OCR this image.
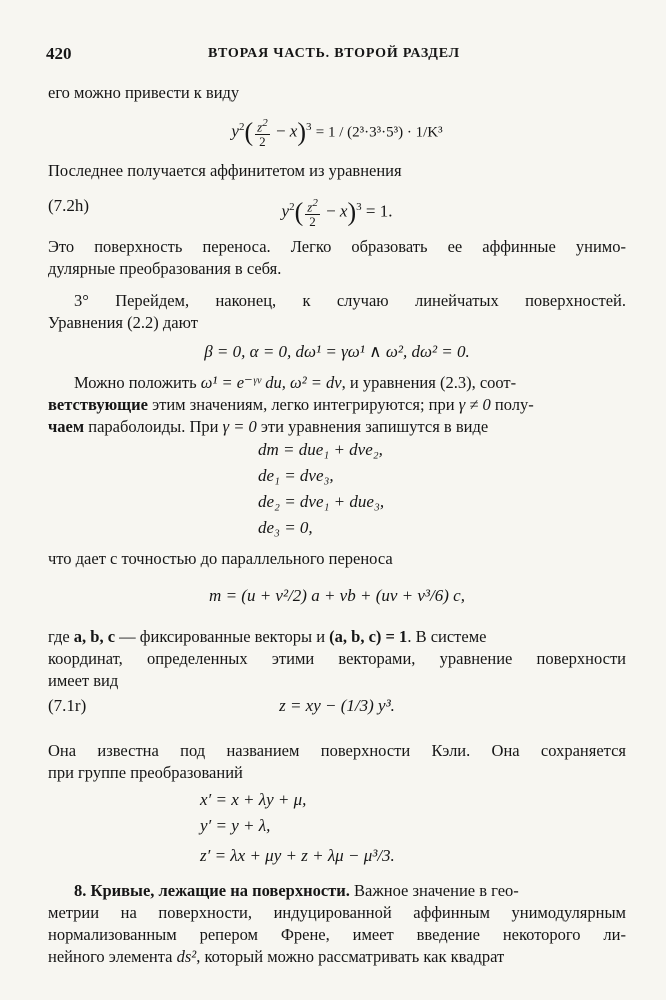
420	ВТОРАЯ ЧАСТЬ. ВТОРОЙ РАЗДЕЛ
его можно привести к виду
$y^2( \frac{z^2}{2} - x)^3 = 1 / (2^3\cdot 3^3\cdot 5^3) \cdot 1/K^3$
Последнее получается аффинитетом из уравнения
(7.2h)	$y^2( \frac{z^2}{2} - x)^3 = 1$.
Это поверхность переноса. Легко образовать ее аффинные унимо-
дулярные преобразования в себя.
3° Перейдем, наконец, к случаю линейчатых поверхностей.
Уравнения (2.2) дают
β = 0, α = 0, dω¹ = γω¹ ∧ ω², dω² = 0.
Можно положить ω¹ = e⁻ᵞᵛ du, ω² = dv, и уравнения (2.3), соот-
ветствующие этим значениям, легко интегрируются; при γ ≠ 0 полу-
чаем параболоиды. При γ = 0 эти уравнения запишутся в виде
dm = due₁ + dve₂,
de₁ = dve₃,
de₂ = dve₁ + due₃,
de₃ = 0,
что дает с точностью до параллельного переноса
m = (u + v²/2) a + vb + (uv + v³/6) c,
где a, b, c — фиксированные векторы и (a, b, c) = 1. В системе
координат, определенных этими векторами, уравнение поверхности
имеет вид
(7.1r)	z = xy − (1/3) y³.
Она известна под названием поверхности Кэли. Она сохраняется
при группе преобразований
x′ = x + λy + μ,
y′ = y + λ,
z′ = λx + μy + z + λμ − μ³/3.
8. Кривые, лежащие на поверхности. Важное значение в гео-
метрии на поверхности, индуцированной аффинным унимодулярным
нормализованным репером Френе, имеет введение некоторого ли-
нейного элемента ds², который можно рассматривать как квадрат
